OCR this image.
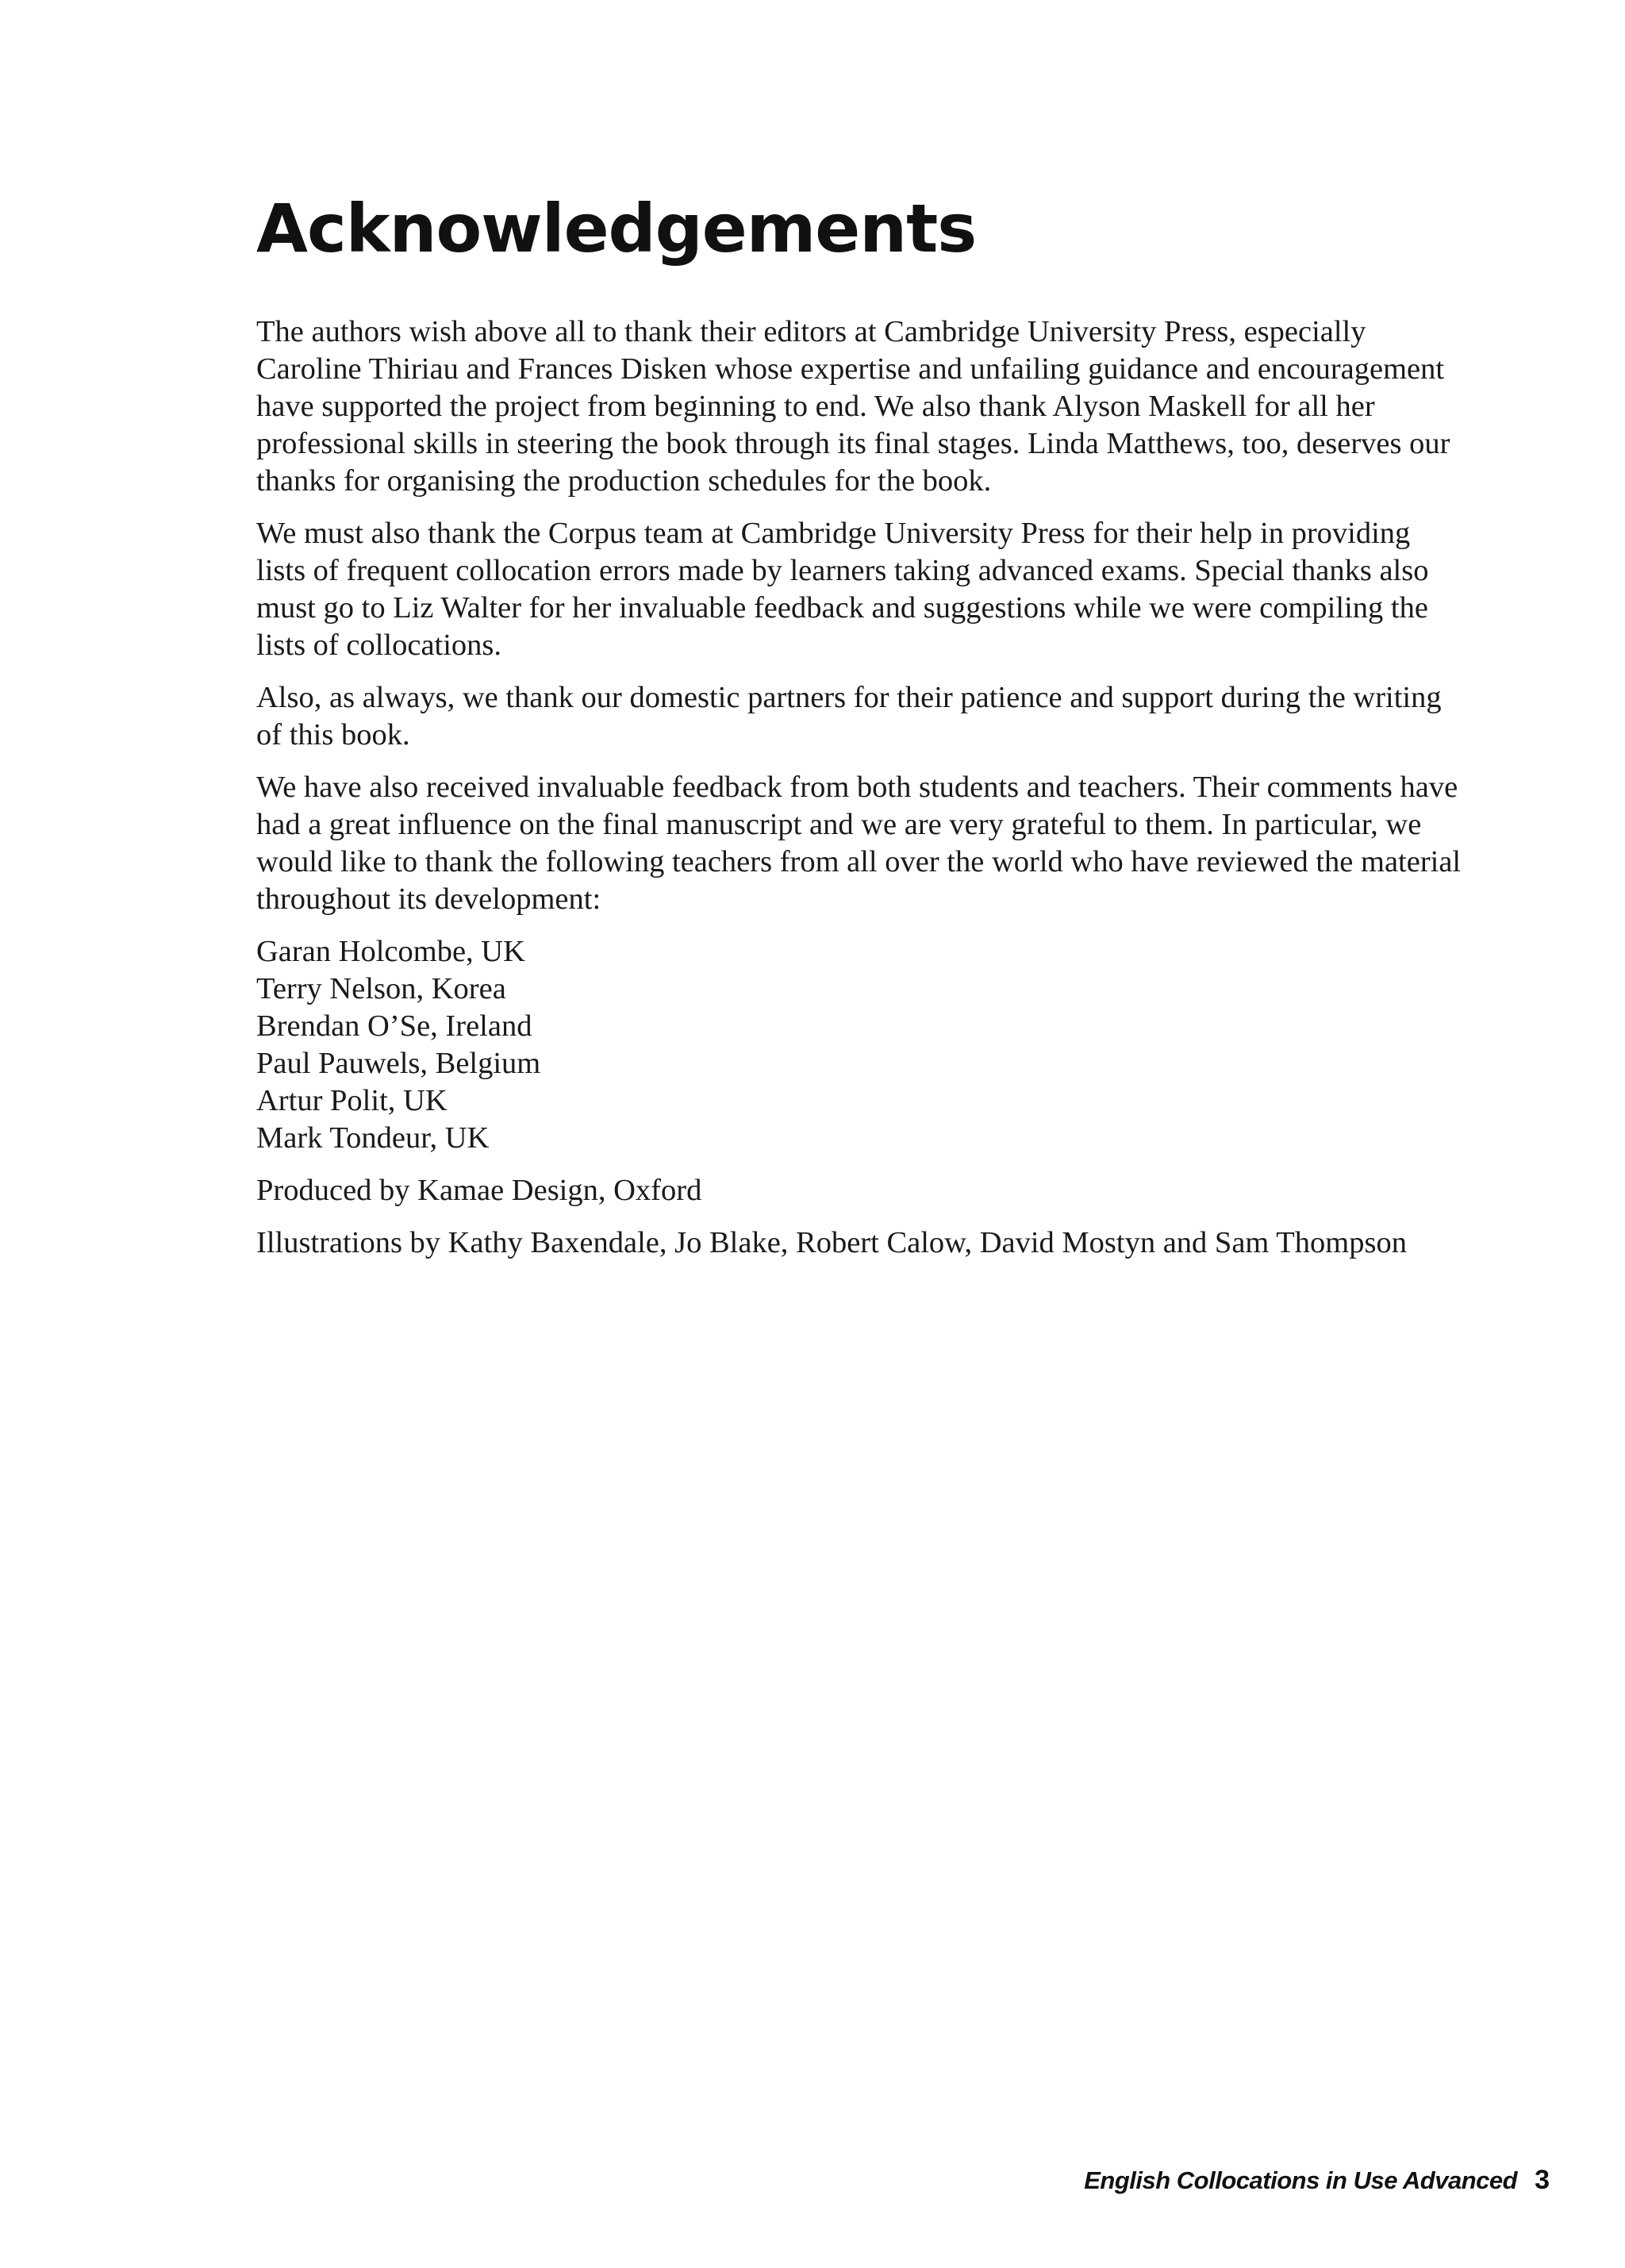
Acknowledgements

The authors wish above all to thank their editors at Cambridge University Press, especially Caroline Thiriau and Frances Disken whose expertise and unfailing guidance and encouragement have supported the project from beginning to end. We also thank Alyson Maskell for all her professional skills in steering the book through its final stages. Linda Matthews, too, deserves our thanks for organising the production schedules for the book.

We must also thank the Corpus team at Cambridge University Press for their help in providing lists of frequent collocation errors made by learners taking advanced exams. Special thanks also must go to Liz Walter for her invaluable feedback and suggestions while we were compiling the lists of collocations.

Also, as always, we thank our domestic partners for their patience and support during the writing of this book.

We have also received invaluable feedback from both students and teachers. Their comments have had a great influence on the final manuscript and we are very grateful to them. In particular, we would like to thank the following teachers from all over the world who have reviewed the material throughout its development:

Garan Holcombe, UK
Terry Nelson, Korea
Brendan O’Se, Ireland
Paul Pauwels, Belgium
Artur Polit, UK
Mark Tondeur, UK

Produced by Kamae Design, Oxford

Illustrations by Kathy Baxendale, Jo Blake, Robert Calow, David Mostyn and Sam Thompson

English Collocations in Use Advanced 3
